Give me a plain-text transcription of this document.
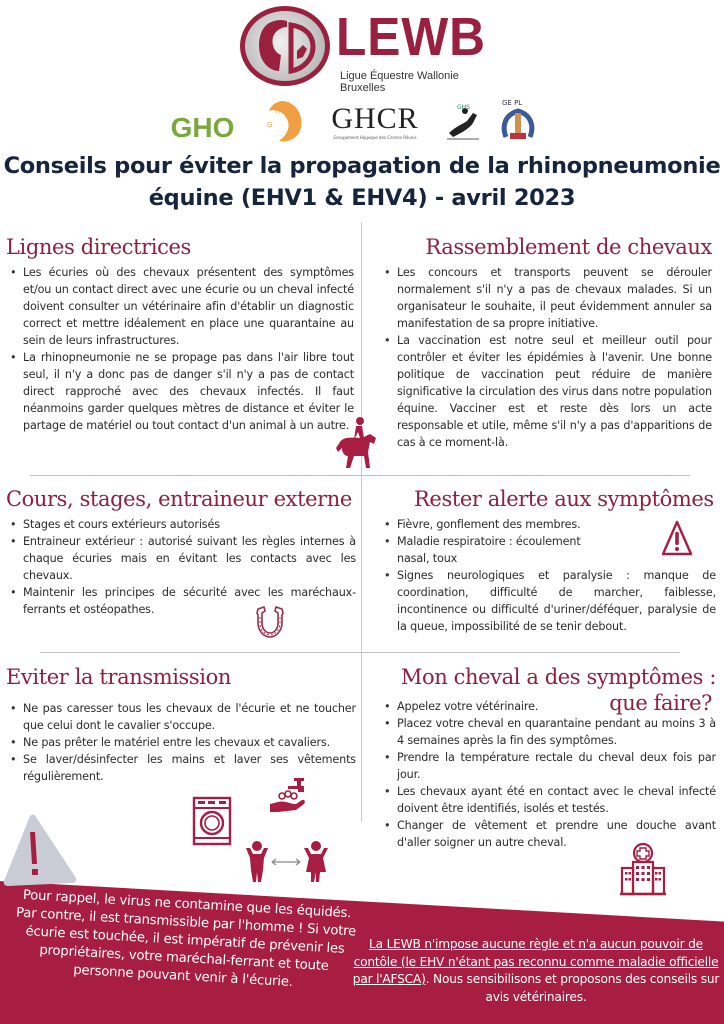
LEWB
Ligue Équestre Wallonie Bruxelles
GHO	G
H
C GHCR
Groupement Hippique des Cercles Réunis
GHS
GE PL
Conseils pour éviter la propagation de la rhinopneumonie
équine (EHV1 & EHV4) - avril 2023
Lignes directrices
• Les écuries où des chevaux présentent des symptômes et/ou un contact direct avec une écurie ou un cheval infecté doivent consulter un vétérinaire afin d'établir un diagnostic correct et mettre idéalement en place une quarantaine au sein de leurs infrastructures.
• La rhinopneumonie ne se propage pas dans l'air libre tout seul, il n'y a donc pas de danger s'il n'y a pas de contact direct rapproché avec des chevaux infectés. Il faut néanmoins garder quelques mètres de distance et éviter le partage de matériel ou tout contact d'un animal à un autre.
Rassemblement de chevaux
• Les concours et transports peuvent se dérouler normalement s'il n'y a pas de chevaux malades. Si un organisateur le souhaite, il peut évidemment annuler sa manifestation de sa propre initiative.
• La vaccination est notre seul et meilleur outil pour contrôler et éviter les épidémies à l'avenir. Une bonne politique de vaccination peut réduire de manière significative la circulation des virus dans notre population équine. Vacciner est et reste dès lors un acte responsable et utile, même s'il n'y a pas d'apparitions de cas à ce moment-là.
Cours, stages, entraineur externe
• Stages et cours extérieurs autorisés
• Entraineur extérieur : autorisé suivant les règles internes à chaque écuries mais en évitant les contacts avec les chevaux.
• Maintenir les principes de sécurité avec les maréchaux-ferrants et ostéopathes.
Rester alerte aux symptômes
• Fièvre, gonflement des membres.
• Maladie respiratoire : écoulement nasal, toux
• Signes neurologiques et paralysie : manque de coordination, difficulté de marcher, faiblesse, incontinence ou difficulté d'uriner/déféquer, paralysie de la queue, impossibilité de se tenir debout.
Eviter la transmission
• Ne pas caresser tous les chevaux de l'écurie et ne toucher que celui dont le cavalier s'occupe.
• Ne pas prêter le matériel entre les chevaux et cavaliers.
• Se laver/désinfecter les mains et laver ses vêtements régulièrement.
Mon cheval a des symptômes :
que faire?
• Appelez votre vétérinaire.
• Placez votre cheval en quarantaine pendant au moins 3 à 4 semaines après la fin des symptômes.
• Prendre la température rectale du cheval deux fois par jour.
• Les chevaux ayant été en contact avec le cheval infecté doivent être identifiés, isolés et testés.
• Changer de vêtement et prendre une douche avant d'aller soigner un autre cheval.
Pour rappel, le virus ne contamine que les équidés. Par contre, il est transmissible par l'homme ! Si votre écurie est touchée, il est impératif de prévenir les propriétaires, votre maréchal-ferrant et toute personne pouvant venir à l'écurie.
La LEWB n'impose aucune règle et n'a aucun pouvoir de contôle (le EHV n'étant pas reconnu comme maladie officielle par l'AFSCA). Nous sensibilisons et proposons des conseils sur avis vétérinaires.
